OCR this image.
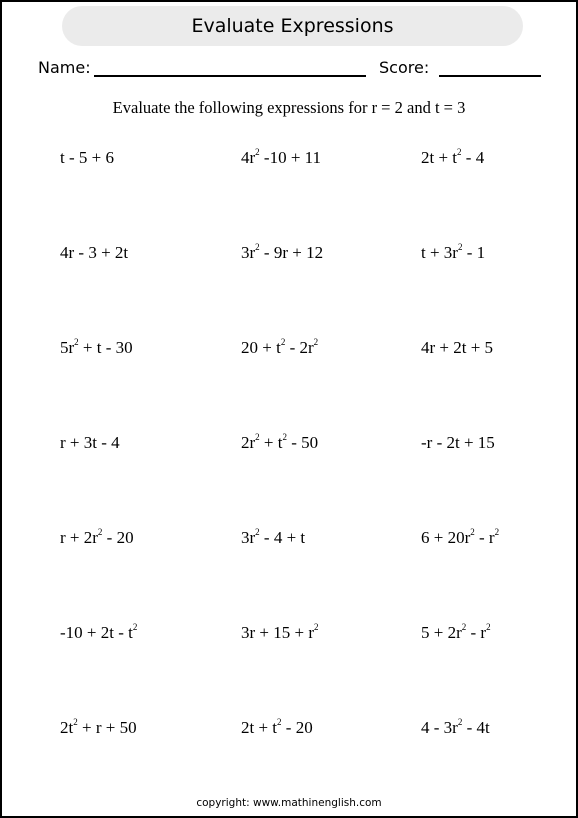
Evaluate Expressions
Name:	Score:
Evaluate the following expressions for r = 2 and t = 3
t - 5 + 6	$4r^2$ -10 + 11	$2t + t^2 - 4$
4r - 3 + 2t	$3r^2 - 9r + 12$	$t + 3r^2 - 1$
$5r^2 + t - 30$	$20 + t^2 - 2r^2$	4r + 2t + 5
r + 3t - 4	$2r^2 + t^2 - 50$	-r - 2t + 15
$r + 2r^2 - 20$	$3r^2 - 4 + t$	$6 + 20r^2 - r^2$
$-10 + 2t - t^2$	$3r + 15 + r^2$	$5 + 2r^2 - r^2$
$2t^2 + r + 50$	$2t + t^2 - 20$	$4 - 3r^2 - 4t$
copyright: www.mathinenglish.com
